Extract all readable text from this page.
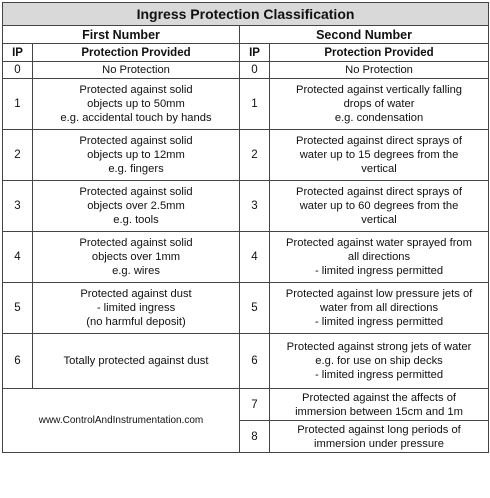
Ingress Protection Classification			
First Number		Second Number	
IP	Protection Provided	IP	Protection Provided
0	No Protection	0	No Protection

1	Protected against solid
objects up to 50mm
e.g. accidental touch by hands	1	Protected against vertically falling
drops of water
e.g. condensation

2	Protected against solid
objects up to 12mm
e.g. fingers	2	Protected against direct sprays of
water up to 15 degrees from the
vertical

3	Protected against solid
objects over 2.5mm
e.g. tools	3	Protected against direct sprays of
water up to 60 degrees from the
vertical

4	Protected against solid
objects over 1mm
e.g. wires	4	Protected against water sprayed from
all directions
- limited ingress permitted

5	Protected against dust
- limited ingress
(no harmful deposit)	5	Protected against low pressure jets of
water from all directions
- limited ingress permitted

6	Totally protected against dust	6	Protected against strong jets of water
e.g. for use on ship decks
- limited ingress permitted

www.ControlAndInstrumentation.com		7	Protected against the affects of
immersion between 15cm and 1m

		8	Protected against long periods of
immersion under pressure
